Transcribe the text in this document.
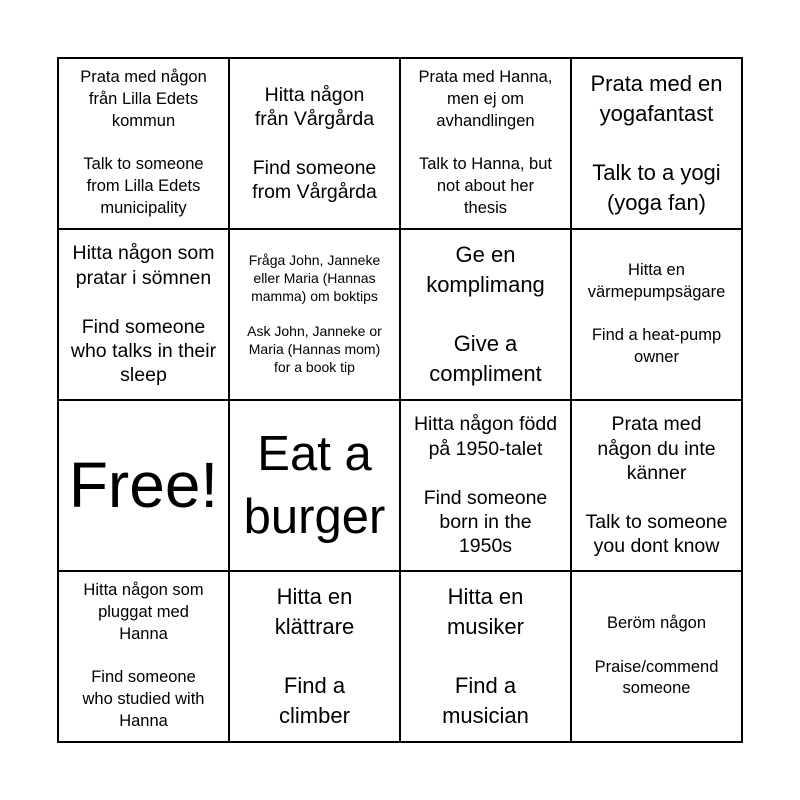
Prata med någon
från Lilla Edets
kommun

Talk to someone
from Lilla Edets
municipality
Hitta någon
från Vårgårda

Find someone
from Vårgårda
Prata med Hanna,
men ej om
avhandlingen

Talk to Hanna, but
not about her
thesis
Prata med en
yogafantast

Talk to a yogi
(yoga fan)
Hitta någon som
pratar i sömnen

Find someone
who talks in their
sleep
Fråga John, Janneke
eller Maria (Hannas
mamma) om boktips

Ask John, Janneke or
Maria (Hannas mom)
for a book tip
Ge en
komplimang

Give a
compliment
Hitta en
värmepumpsägare

Find a heat-pump
owner
Free! Eat a
burger
Hitta någon född
på 1950-talet

Find someone
born in the
1950s
Prata med
någon du inte
känner

Talk to someone
you dont know
Hitta någon som
pluggat med
Hanna

Find someone
who studied with
Hanna
Hitta en
klättrare

Find a
climber
Hitta en
musiker

Find a
musician
Beröm någon

Praise/commend
someone
